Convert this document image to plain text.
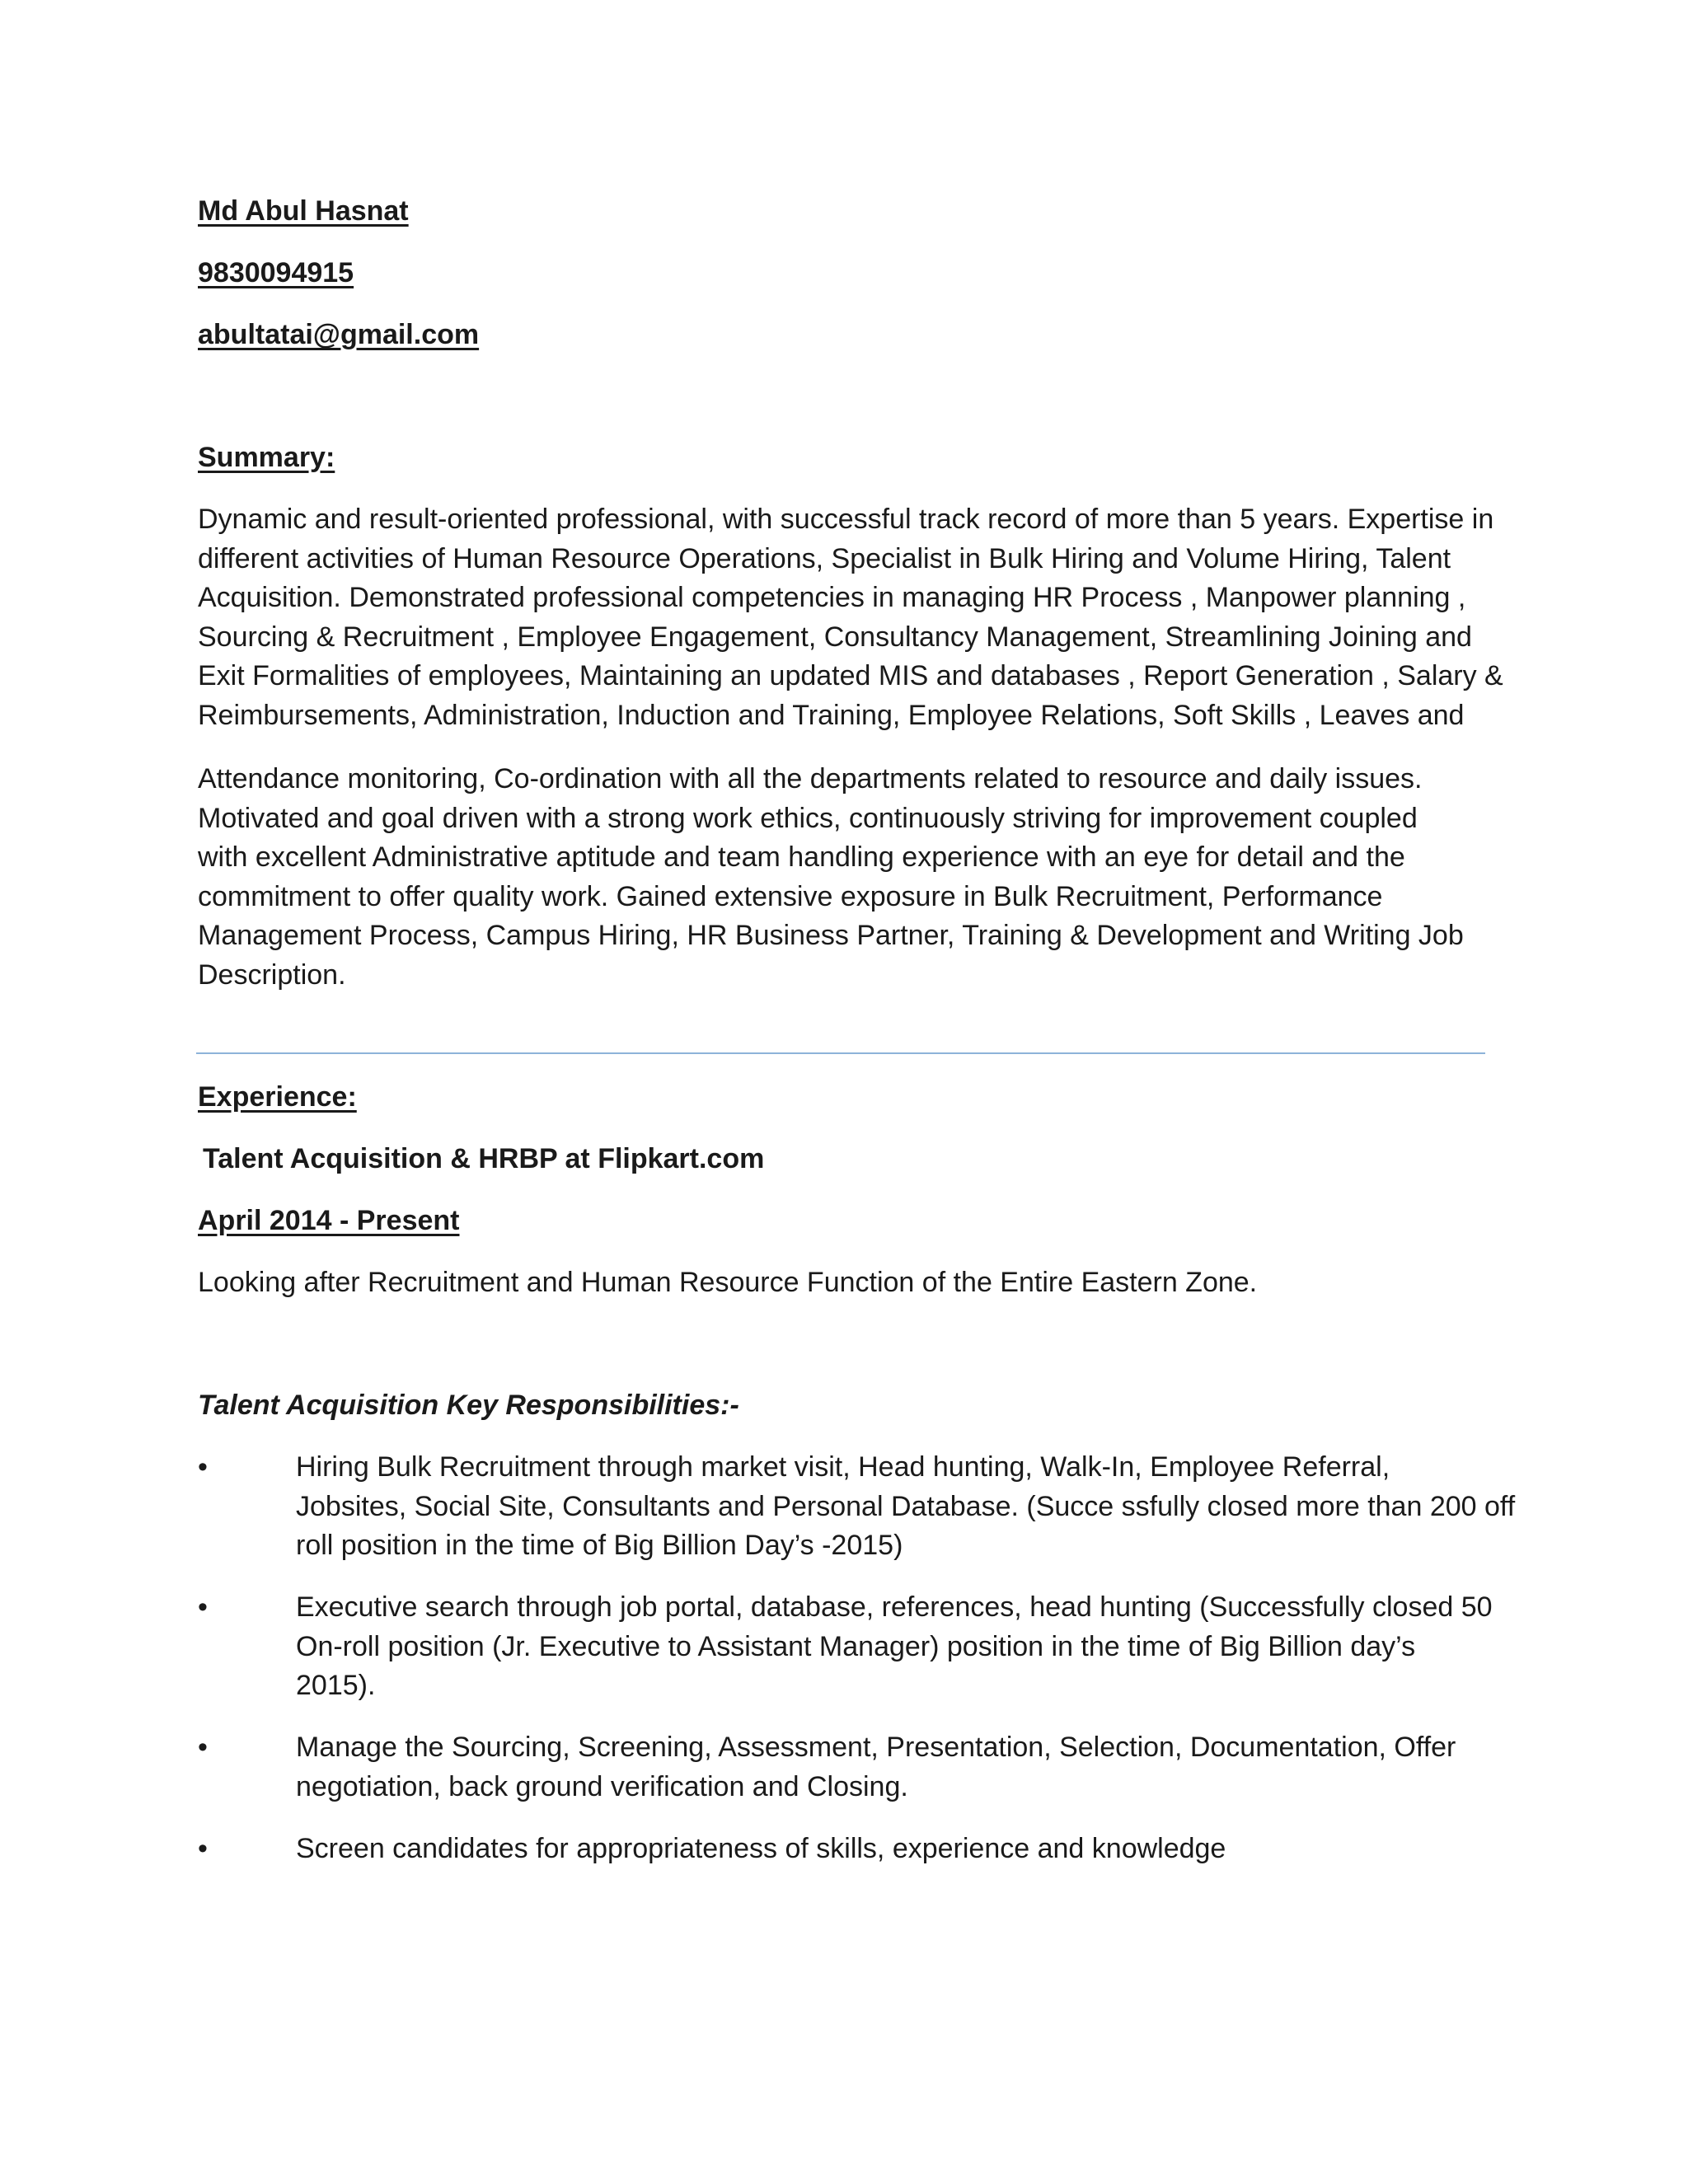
Md Abul Hasnat

9830094915

abultatai@gmail.com

Summary:

Dynamic and result-oriented professional, with successful track record of more than 5 years. Expertise in
different activities of Human Resource Operations, Specialist in Bulk Hiring and Volume Hiring, Talent
Acquisition. Demonstrated professional competencies in managing HR Process , Manpower planning ,
Sourcing & Recruitment , Employee Engagement, Consultancy Management, Streamlining Joining and
Exit Formalities of employees, Maintaining an updated MIS and databases , Report Generation , Salary &
Reimbursements, Administration, Induction and Training, Employee Relations, Soft Skills , Leaves and
Attendance monitoring, Co-ordination with all the departments related to resource and daily issues.
Motivated and goal driven with a strong work ethics, continuously striving for improvement coupled
with excellent Administrative aptitude and team handling experience with an eye for detail and the
commitment to offer quality work. Gained extensive exposure in Bulk Recruitment, Performance
Management Process, Campus Hiring, HR Business Partner, Training & Development and Writing Job
Description.

Experience:

Talent Acquisition & HRBP at Flipkart.com

April 2014 - Present

Looking after Recruitment and Human Resource Function of the Entire Eastern Zone.

Talent Acquisition Key Responsibilities:-

•	Hiring Bulk Recruitment through market visit, Head hunting, Walk-In, Employee Referral,
Jobsites, Social Site, Consultants and Personal Database. (Succe ssfully closed more than 200 off
roll position in the time of Big Billion Day’s -2015)
•	Executive search through job portal, database, references, head hunting (Successfully closed 50
On-roll position (Jr. Executive to Assistant Manager) position in the time of Big Billion day’s
2015).
•	Manage the Sourcing, Screening, Assessment, Presentation, Selection, Documentation, Offer
negotiation, back ground verification and Closing.
•	Screen candidates for appropriateness of skills, experience and knowledge
